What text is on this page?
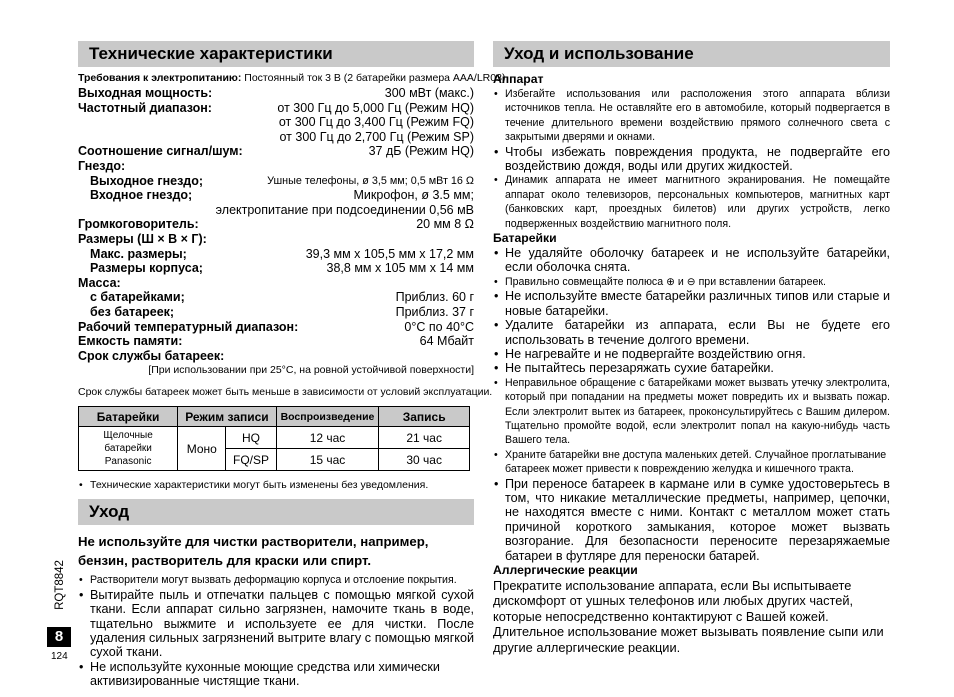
Технические характеристики
Требования к электропитанию: Постоянный ток 3 В (2 батарейки размера AAA/LR03)
Выходная мощность:	300 мВт (макс.)
Частотный диапазон:	от 300 Гц до 5,000 Гц (Режим HQ)
от 300 Гц до 3,400 Гц (Режим FQ)
от 300 Гц до 2,700 Гц (Режим SP)
Соотношение сигнал/шум:	37 дБ (Режим HQ)
Гнездо:
Выходное гнездо;	Ушные телефоны, ø 3,5 мм; 0,5 мВт 16 Ω
Входное гнездо;	Микрофон, ø 3.5 мм;
электропитание при подсоединении 0,56 мВ
Громкоговоритель:	20 мм 8 Ω
Размеры (Ш × В × Г):
Макс. размеры;	39,3 мм x 105,5 мм x 17,2 мм
Размеры корпуса;	38,8 мм x 105 мм x 14 мм
Масса:
с батарейками;	Приблиз. 60 г
без батареек;	Приблиз. 37 г
Рабочий температурный диапазон:	0°C по 40°C
Емкость памяти:	64 Мбайт
Срок службы батареек:
[При использовании при 25°C, на ровной устойчивой поверхности]
Срок службы батареек может быть меньше в зависимости от условий эксплуатации.
Батарейки	Режим записи		Воспроизведение	Запись
Щелочные батарейки Panasonic	Моно	HQ	12 час	21 час
		FQ/SP	15 час	30 час
• Технические характеристики могут быть изменены без уведомления.
Уход
Не используйте для чистки растворители, например, бензин, растворитель для краски или спирт.
• Растворители могут вызвать деформацию корпуса и отслоение покрытия.
• Вытирайте пыль и отпечатки пальцев с помощью мягкой сухой ткани. Если аппарат сильно загрязнен, намочите ткань в воде, тщательно выжмите и используете ее для чистки. После удаления сильных загрязнений вытрите влагу с помощью мягкой сухой ткани.
• Не используйте кухонные моющие средства или химически активизированные чистящие ткани.
Уход и использование
Аппарат
• Избегайте использования или расположения этого аппарата вблизи источников тепла. Не оставляйте его в автомобиле, который подвергается в течение длительного времени воздействию прямого солнечного света с закрытыми дверями и окнами.
• Чтобы избежать повреждения продукта, не подвергайте его воздействию дождя, воды или других жидкостей.
• Динамик аппарата не имеет магнитного экранирования. Не помещайте аппарат около телевизоров, персональных компьютеров, магнитных карт (банковских карт, проездных билетов) или других устройств, легко подверженных воздействию магнитного поля.
Батарейки
• Не удаляйте оболочку батареек и не используйте батарейки, если оболочка снята.
• Правильно совмещайте полюса ⊕ и ⊖ при вставлении батареек.
• Не используйте вместе батарейки различных типов или старые и новые батарейки.
• Удалите батарейки из аппарата, если Вы не будете его использовать в течение долгого времени.
• Не нагревайте и не подвергайте воздействию огня.
• Не пытайтесь перезаряжать сухие батарейки.
• Неправильное обращение с батарейками может вызвать утечку электролита, который при попадании на предметы может повредить их и вызвать пожар. Если электролит вытек из батареек, проконсультируйтесь с Вашим дилером. Тщательно промойте водой, если электролит попал на какую-нибудь часть Вашего тела.
• Храните батарейки вне доступа маленьких детей. Случайное проглатывание батареек может привести к повреждению желудка и кишечного тракта.
• При переносе батареек в кармане или в сумке удостоверьтесь в том, что никакие металлические предметы, например, цепочки, не находятся вместе с ними. Контакт с металлом может стать причиной короткого замыкания, которое может вызвать возгорание. Для безопасности переносите перезаряжаемые батареи в футляре для переноски батарей.
Аллергические реакции
Прекратите использование аппарата, если Вы испытываете дискомфорт от ушных телефонов или любых других частей, которые непосредственно контактируют с Вашей кожей.
Длительное использование может вызывать появление сыпи или другие аллергические реакции.
RQT8842
8
124
